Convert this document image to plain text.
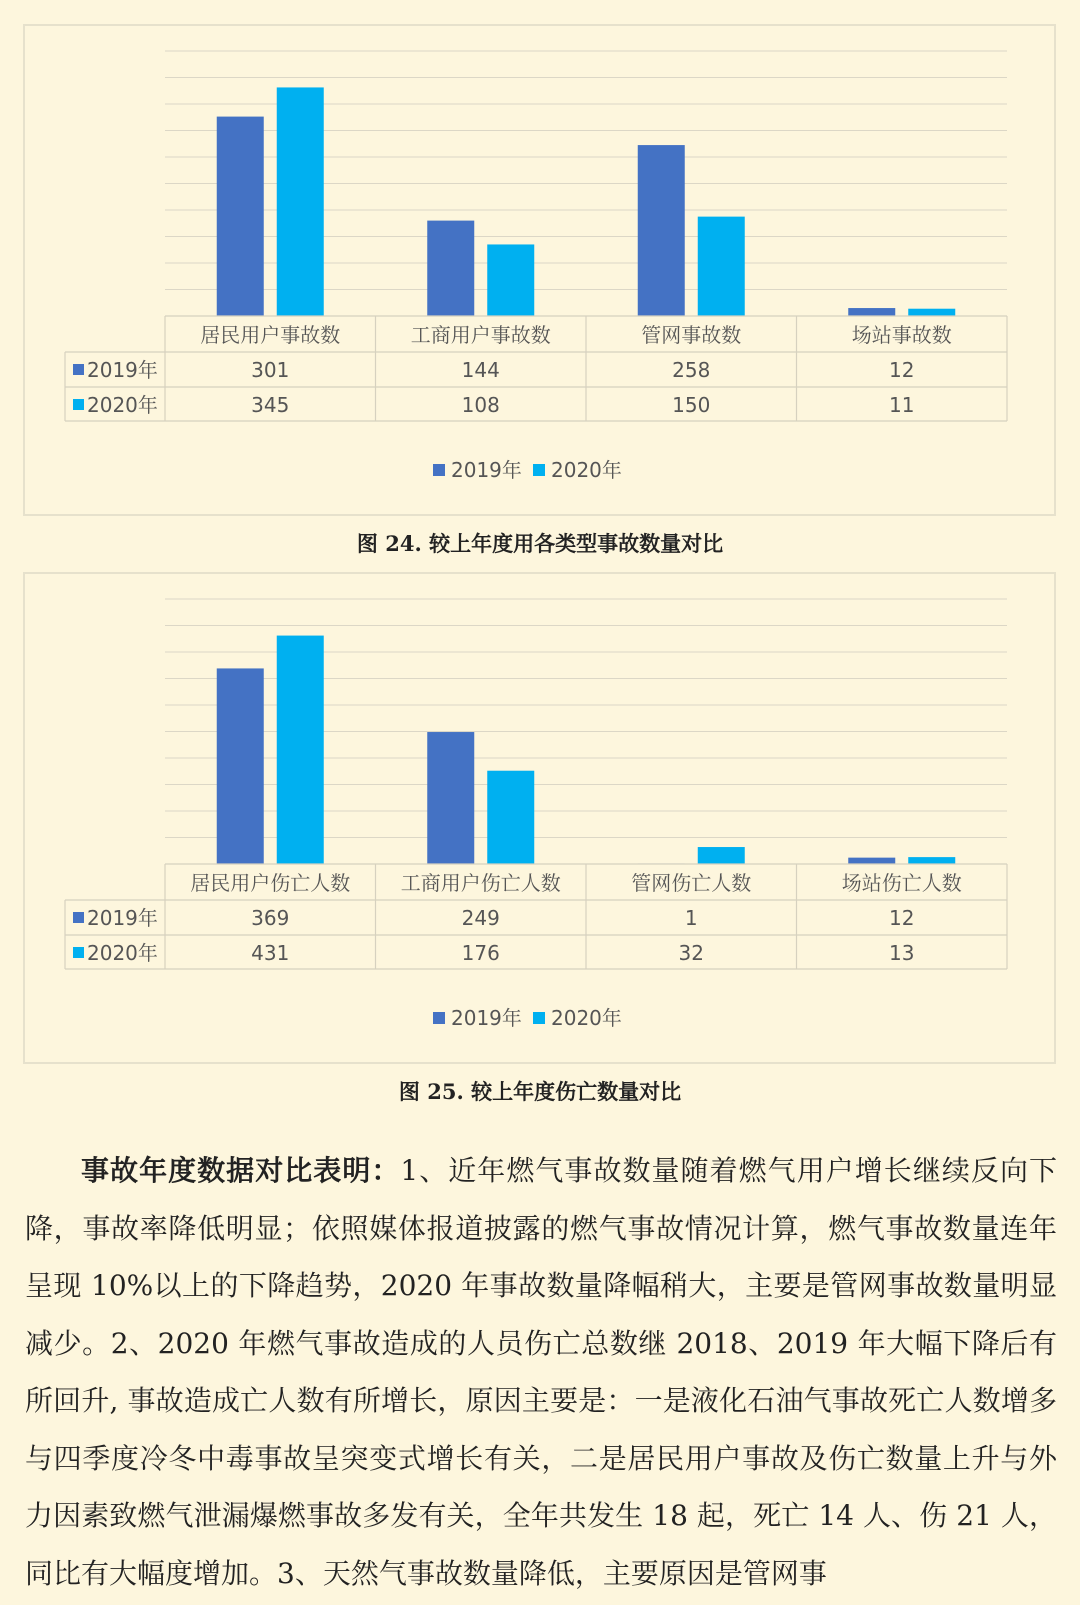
居民用户事故数	工商用户事故数	管网事故数	场站事故数
2019年	301	144	258	12
2020年	345	108	150	11
2019年 2020年
图 24. 较上年度用各类型事故数量对比
居民用户伤亡人数	工商用户伤亡人数	管网伤亡人数	场站伤亡人数
2019年	369	249	1	12
2020年	431	176	32	13
2019年 2020年
图 25. 较上年度伤亡数量对比
事故年度数据对比表明：1、近年燃气事故数量随着燃气用户增长继续反向下降，事故率降低明显；依照媒体报道披露的燃气事故情况计算，燃气事故数量连年呈现 10%以上的下降趋势，2020 年事故数量降幅稍大，主要是管网事故数量明显减少。2、2020 年燃气事故造成的人员伤亡总数继 2018、2019 年大幅下降后有所回升, 事故造成亡人数有所增长，原因主要是：一是液化石油气事故死亡人数增多与四季度冷冬中毒事故呈突变式增长有关，二是居民用户事故及伤亡数量上升与外力因素致燃气泄漏爆燃事故多发有关，全年共发生 18 起，死亡 14 人、伤 21 人，同比有大幅度增加。3、天然气事故数量降低，主要原因是管网事
